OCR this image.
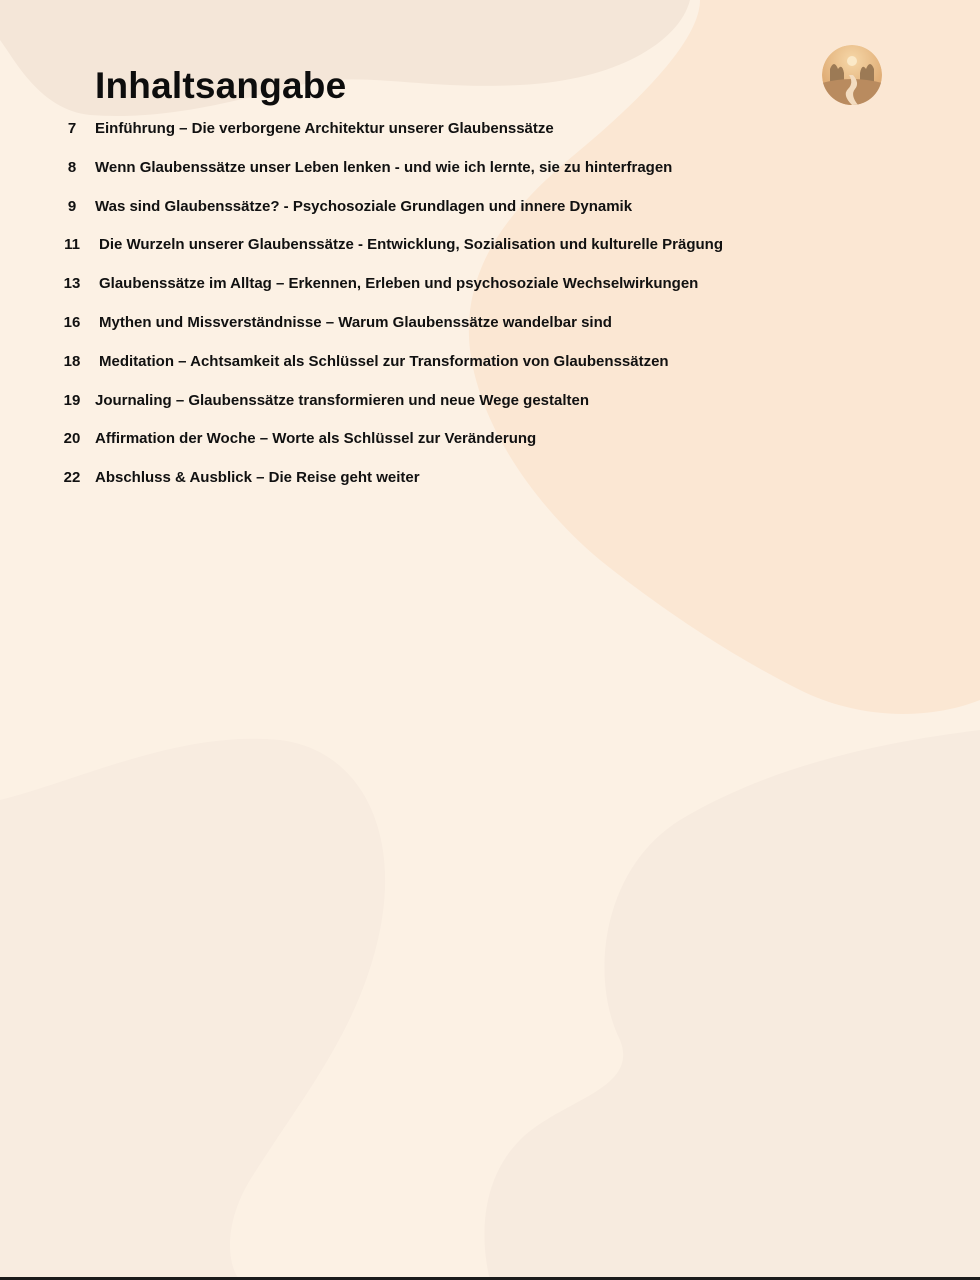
Inhaltsangabe
7	Einführung – Die verborgene Architektur unserer Glaubenssätze
8	Wenn Glaubenssätze unser Leben lenken - und wie ich lernte, sie zu hinterfragen
9	Was sind Glaubenssätze? - Psychosoziale Grundlagen und innere Dynamik
11	Die Wurzeln unserer Glaubenssätze - Entwicklung, Sozialisation und kulturelle Prägung
13	Glaubenssätze im Alltag – Erkennen, Erleben und psychosoziale Wechselwirkungen
16	Mythen und Missverständnisse – Warum Glaubenssätze wandelbar sind
18	Meditation – Achtsamkeit als Schlüssel zur Transformation von Glaubenssätzen
19 Journaling – Glaubenssätze transformieren und neue Wege gestalten
20 Affirmation der Woche – Worte als Schlüssel zur Veränderung
22 Abschluss & Ausblick – Die Reise geht weiter
